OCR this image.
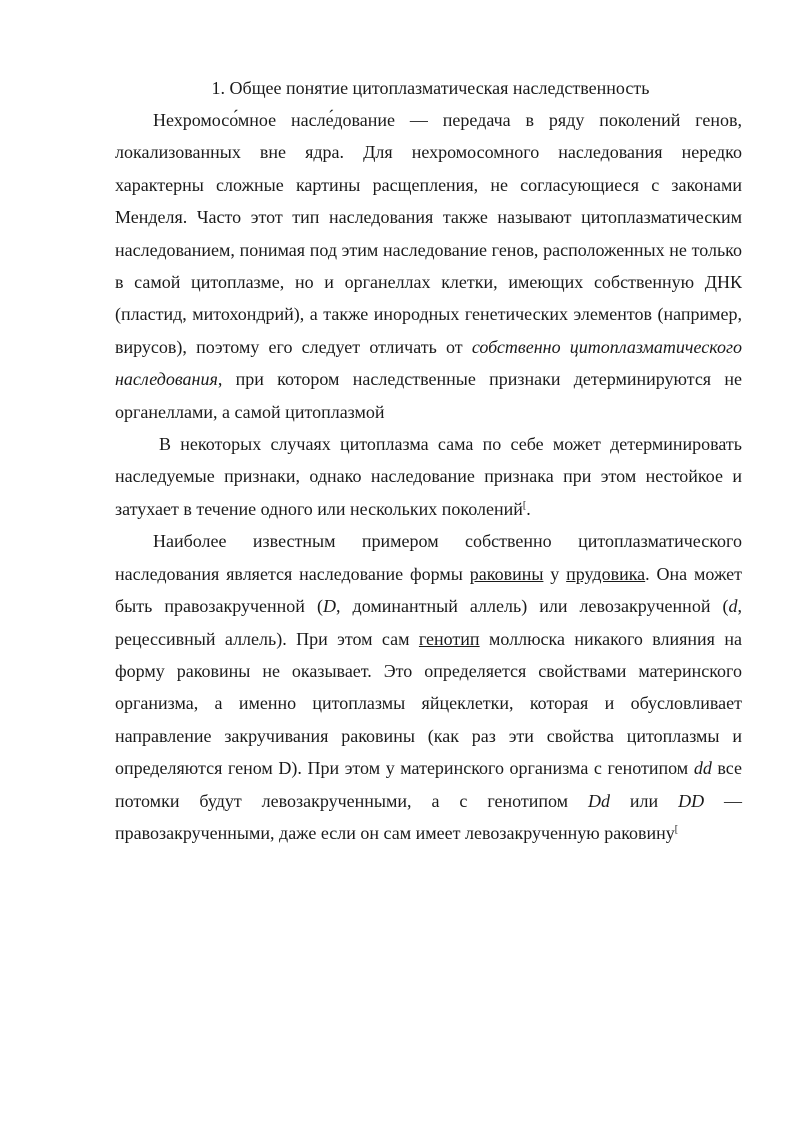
1. Общее понятие цитоплазматическая наследственность

Нехромосо́мное насле́дование — передача в ряду поколений генов, локализованных вне ядра. Для нехромосомного наследования нередко характерны сложные картины расщепления, не согласующиеся с законами Менделя. Часто этот тип наследования также называют цитоплазматическим наследованием, понимая под этим наследование генов, расположенных не только в самой цитоплазме, но и органеллах клетки, имеющих собственную ДНК (пластид, митохондрий), а также инородных генетических элементов (например, вирусов), поэтому его следует отличать от собственно цитоплазматического наследования, при котором наследственные признаки детерминируются не органеллами, а самой цитоплазмой

В некоторых случаях цитоплазма сама по себе может детерминировать наследуемые признаки, однако наследование признака при этом нестойкое и затухает в течение одного или нескольких поколений[.

Наиболее известным примером собственно цитоплазматического наследования является наследование формы раковины у прудовика. Она может быть правозакрученной (D, доминантный аллель) или левозакрученной (d, рецессивный аллель). При этом сам генотип моллюска никакого влияния на форму раковины не оказывает. Это определяется свойствами материнского организма, а именно цитоплазмы яйцеклетки, которая и обусловливает направление закручивания раковины (как раз эти свойства цитоплазмы и определяются геном D). При этом у материнского организма с генотипом dd все потомки будут левозакрученными, а с генотипом Dd или DD — правозакрученными, даже если он сам имеет левозакрученную раковину[
